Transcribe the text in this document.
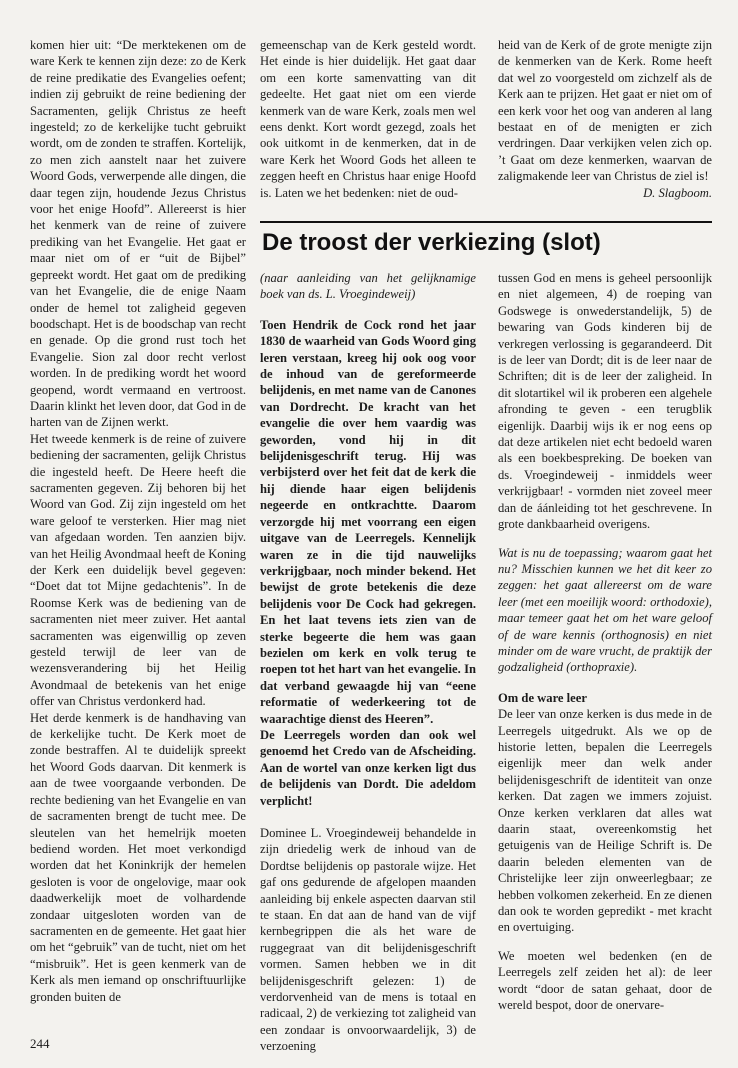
komen hier uit: “De merktekenen om de ware Kerk te kennen zijn deze: zo de Kerk de reine predikatie des Evangelies oefent; indien zij gebruikt de reine bediening der Sacramenten, gelijk Christus ze heeft ingesteld; zo de kerkelijke tucht gebruikt wordt, om de zonden te straffen. Kortelijk, zo men zich aanstelt naar het zuivere Woord Gods, verwerpende alle dingen, die daar tegen zijn, houdende Jezus Christus voor het enige Hoofd”. Allereerst is hier het kenmerk van de reine of zuivere prediking van het Evangelie. Het gaat er maar niet om of er “uit de Bijbel” gepreekt wordt. Het gaat om de prediking van het Evangelie, die de enige Naam onder de hemel tot zaligheid gegeven boodschapt. Het is de boodschap van recht en genade. Op die grond rust toch het Evangelie. Sion zal door recht verlost worden. In de prediking wordt het woord geopend, wordt vermaand en vertroost. Daarin klinkt het leven door, dat God in de harten van de Zijnen werkt.

Het tweede kenmerk is de reine of zuivere bediening der sacramenten, gelijk Christus die ingesteld heeft. De Heere heeft die sacramenten gegeven. Zij behoren bij het Woord van God. Zij zijn ingesteld om het ware geloof te versterken. Hier mag niet van afgedaan worden. Ten aanzien bijv. van het Heilig Avondmaal heeft de Koning der Kerk een duidelijk bevel gegeven: “Doet dat tot Mijne gedachtenis”. In de Roomse Kerk was de bediening van de sacramenten niet meer zuiver. Het aantal sacramenten was eigenwillig op zeven gesteld terwijl de leer van de wezensverandering bij het Heilig Avondmaal de betekenis van het enige offer van Christus verdonkerd had.

Het derde kenmerk is de handhaving van de kerkelijke tucht. De Kerk moet de zonde bestraffen. Al te duidelijk spreekt het Woord Gods daarvan. Dit kenmerk is aan de twee voorgaande verbonden. De rechte bediening van het Evangelie en van de sacramenten brengt de tucht mee. De sleutelen van het hemelrijk moeten bediend worden. Het moet verkondigd worden dat het Koninkrijk der hemelen gesloten is voor de ongelovige, maar ook daadwerkelijk moet de volhardende zondaar uitgesloten worden van de sacramenten en de gemeente. Het gaat hier om het “gebruik” van de tucht, niet om het “misbruik”. Het is geen kenmerk van de Kerk als men iemand op onschriftuurlijke gronden buiten de

gemeenschap van de Kerk gesteld wordt. Het einde is hier duidelijk. Het gaat daar om een korte samenvatting van dit gedeelte. Het gaat niet om een vierde kenmerk van de ware Kerk, zoals men wel eens denkt. Kort wordt gezegd, zoals het ook uitkomt in de kenmerken, dat in de ware Kerk het Woord Gods het alleen te zeggen heeft en Christus haar enige Hoofd is. Laten we het bedenken: niet de oud-

heid van de Kerk of de grote menigte zijn de kenmerken van de Kerk. Rome heeft dat wel zo voorgesteld om zichzelf als de Kerk aan te prijzen. Het gaat er niet om of een kerk voor het oog van anderen al lang bestaat en of de menigten er zich verdringen. Daar verkijken velen zich op. ’t Gaat om deze kenmerken, waarvan de zaligmakende leer van Christus de ziel is!

D. Slagboom.

De troost der verkiezing (slot)

(naar aanleiding van het gelijknamige boek van ds. L. Vroegindeweij)

Toen Hendrik de Cock rond het jaar 1830 de waarheid van Gods Woord ging leren verstaan, kreeg hij ook oog voor de inhoud van de gereformeerde belijdenis, en met name van de Canones van Dordrecht. De kracht van het evangelie die over hem vaardig was geworden, vond hij in dit belijdenisgeschrift terug. Hij was verbijsterd over het feit dat de kerk die hij diende haar eigen belijdenis negeerde en ontkrachtte. Daarom verzorgde hij met voorrang een eigen uitgave van de Leerregels. Kennelijk waren ze in die tijd nauwelijks verkrijgbaar, noch minder bekend. Het bewijst de grote betekenis die deze belijdenis voor De Cock had gekregen. En het laat tevens iets zien van de sterke begeerte die hem was gaan bezielen om kerk en volk terug te roepen tot het hart van het evangelie. In dat verband gewaagde hij van “eene reformatie of wederkeering tot de waarachtige dienst des Heeren”.

De Leerregels worden dan ook wel genoemd het Credo van de Afscheiding. Aan de wortel van onze kerken ligt dus de belijdenis van Dordt. Die adeldom verplicht!

Dominee L. Vroegindeweij behandelde in zijn driedelig werk de inhoud van de Dordtse belijdenis op pastorale wijze. Het gaf ons gedurende de afgelopen maanden aanleiding bij enkele aspecten daarvan stil te staan. En dat aan de hand van de vijf kernbegrippen die als het ware de ruggegraat van dit belijdenisgeschrift vormen. Samen hebben we in dit belijdenisgeschrift gelezen: 1) de verdorvenheid van de mens is totaal en radicaal, 2) de verkiezing tot zaligheid van een zondaar is onvoorwaardelijk, 3) de verzoening

tussen God en mens is geheel persoonlijk en niet algemeen, 4) de roeping van Godswege is onwederstandelijk, 5) de bewaring van Gods kinderen bij de verkregen verlossing is gegarandeerd. Dit is de leer van Dordt; dit is de leer naar de Schriften; dit is de leer der zaligheid. In dit slotartikel wil ik proberen een algehele afronding te geven - een terugblik eigenlijk. Daarbij wijs ik er nog eens op dat deze artikelen niet echt bedoeld waren als een boekbespreking. De boeken van ds. Vroegindeweij - inmiddels weer verkrijgbaar! - vormden niet zoveel meer dan de áánleiding tot het geschrevene. In grote dankbaarheid overigens.

Wat is nu de toepassing; waarom gaat het nu? Misschien kunnen we het dit keer zo zeggen: het gaat allereerst om de ware leer (met een moeilijk woord: orthodoxie), maar temeer gaat het om het ware geloof of de ware kennis (orthognosis) en niet minder om de ware vrucht, de praktijk der godzaligheid (orthopraxie).

Om de ware leer

De leer van onze kerken is dus mede in de Leerregels uitgedrukt. Als we op de historie letten, bepalen die Leerregels eigenlijk meer dan welk ander belijdenisgeschrift de identiteit van onze kerken. Dat zagen we immers zojuist. Onze kerken verklaren dat alles wat daarin staat, overeenkomstig het getuigenis van de Heilige Schrift is. De daarin beleden elementen van de Christelijke leer zijn onweerlegbaar; ze hebben volkomen zekerheid. En ze dienen dan ook te worden gepredikt - met kracht en overtuiging.

We moeten wel bedenken (en de Leerregels zelf zeiden het al): de leer wordt “door de satan gehaat, door de wereld bespot, door de onervare-

244
